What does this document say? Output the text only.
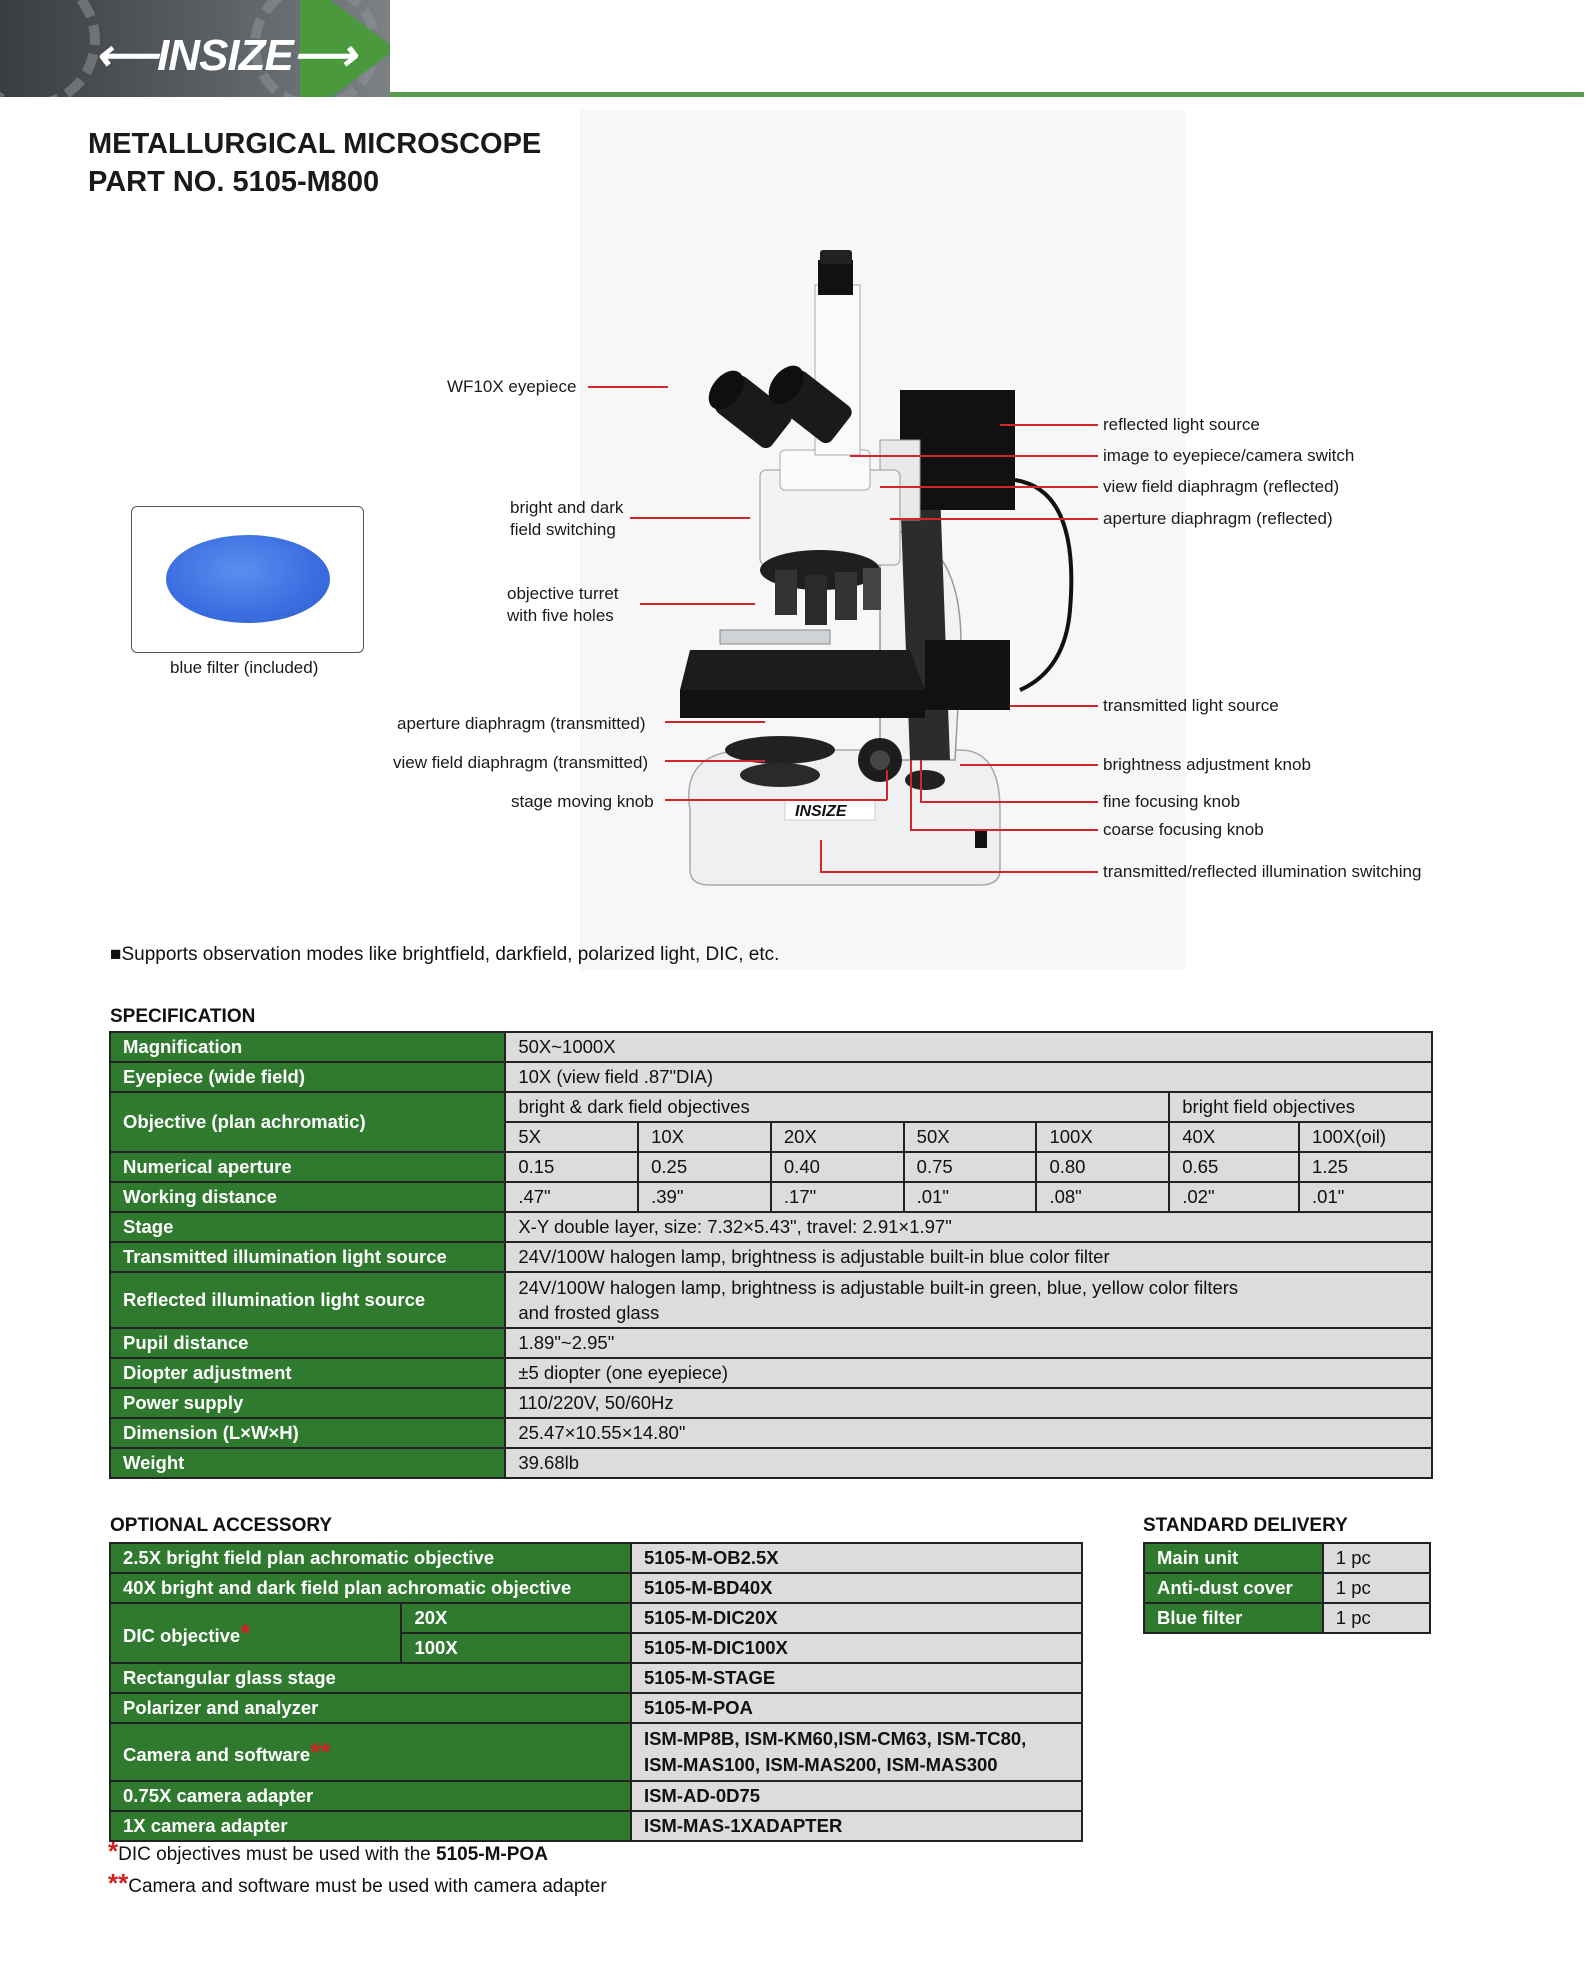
⟵INSIZE⟶
METALLURGICAL MICROSCOPE
PART NO. 5105-M800
INSIZE
WF10X eyepiece
bright and dark
field switching
objective turret
with five holes
aperture diaphragm (transmitted)
view field diaphragm (transmitted)
stage moving knob
reflected light source
image to eyepiece/camera switch
view field diaphragm (reflected)
aperture diaphragm (reflected)
transmitted light source
brightness adjustment knob
fine focusing knob
coarse focusing knob
transmitted/reflected illumination switching
blue filter (included)
■Supports observation modes like brightfield, darkfield, polarized light, DIC, etc.
SPECIFICATION
Magnification	50X~1000X						
Eyepiece (wide field)	10X (view field .87"DIA)						
Objective (plan achromatic)	bright & dark field objectives					bright field objectives	
	5X	10X	20X	50X	100X	40X	100X(oil)
Numerical aperture	0.15	0.25	0.40	0.75	0.80	0.65	1.25
Working distance	.47"	.39"	.17"	.01"	.08"	.02"	.01"
Stage	X-Y double layer, size: 7.32×5.43", travel: 2.91×1.97"						
Transmitted illumination light source	24V/100W halogen lamp, brightness is adjustable built-in blue color filter						
Reflected illumination light source	24V/100W halogen lamp, brightness is adjustable built-in green, blue, yellow color filters
and frosted glass						
Pupil distance	1.89"~2.95"						
Diopter adjustment	±5 diopter (one eyepiece)						
Power supply	110/220V, 50/60Hz						
Dimension (L×W×H)	25.47×10.55×14.80"						
Weight	39.68lb						
OPTIONAL ACCESSORY
2.5X bright field plan achromatic objective		5105-M-OB2.5X
40X bright and dark field plan achromatic objective		5105-M-BD40X
DIC objective*	20X	5105-M-DIC20X
	100X	5105-M-DIC100X
Rectangular glass stage		5105-M-STAGE
Polarizer and analyzer		5105-M-POA
Camera and software**		ISM-MP8B, ISM-KM60,ISM-CM63, ISM-TC80,
ISM-MAS100, ISM-MAS200, ISM-MAS300
0.75X camera adapter		ISM-AD-0D75
1X camera adapter		ISM-MAS-1XADAPTER
STANDARD DELIVERY
Main unit	1 pc
Anti-dust cover	1 pc
Blue filter	1 pc
*DIC objectives must be used with the 5105-M-POA
**Camera and software must be used with camera adapter
